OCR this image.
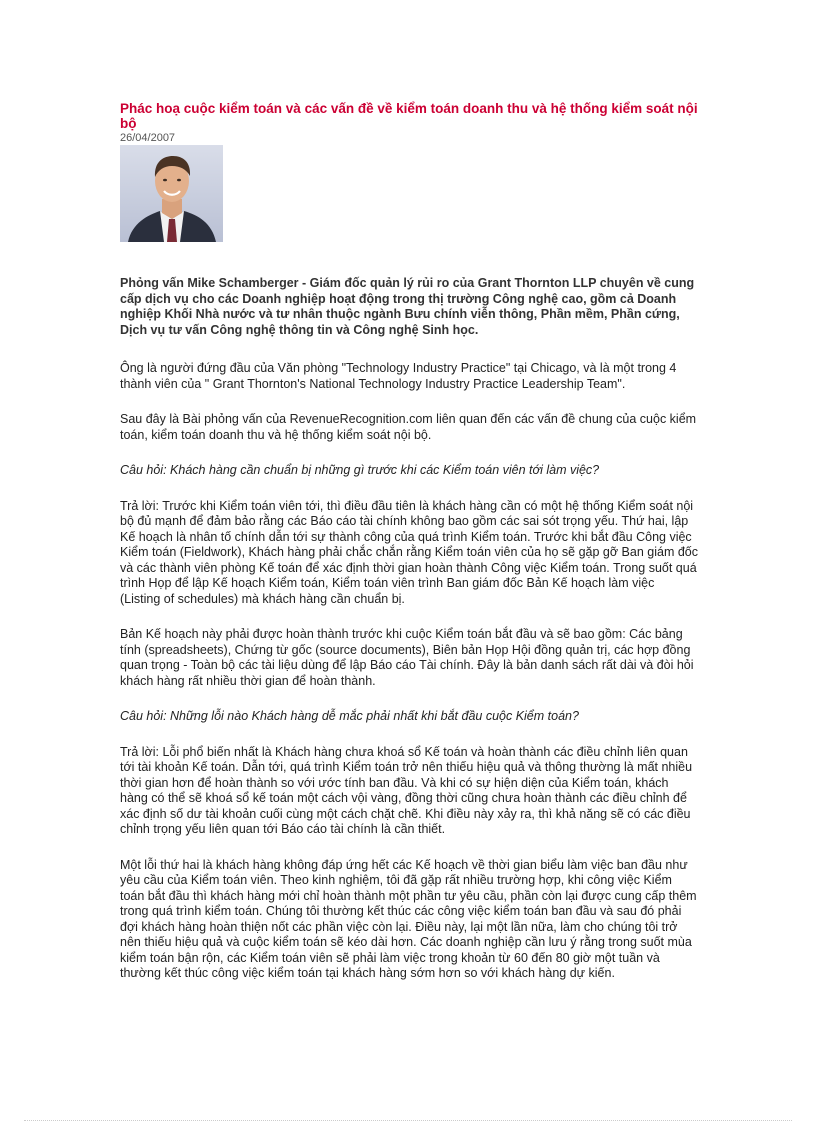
Phác hoạ cuộc kiểm toán và các vấn đề về kiểm toán doanh thu và hệ thống kiểm soát nội bộ
26/04/2007

Phỏng vấn Mike Schamberger - Giám đốc quản lý rủi ro của Grant Thornton LLP chuyên về cung cấp dịch vụ cho các Doanh nghiệp hoạt động trong thị trường Công nghệ cao, gồm cả Doanh nghiệp Khối Nhà nước và tư nhân thuộc ngành Bưu chính viễn thông, Phần mềm, Phần cứng, Dịch vụ tư vấn Công nghệ thông tin và Công nghệ Sinh học.

Ông là người đứng đầu của Văn phòng "Technology Industry Practice" tại Chicago, và là một trong 4 thành viên của " Grant Thornton's National Technology Industry Practice Leadership Team".

Sau đây là Bài phỏng vấn của RevenueRecognition.com liên quan đến các vấn đề chung của cuộc kiểm toán, kiểm toán doanh thu và hệ thống kiểm soát nội bộ.

Câu hỏi: Khách hàng cần chuẩn bị những gì trước khi các Kiểm toán viên tới làm việc?

Trả lời: Trước khi Kiểm toán viên tới, thì điều đầu tiên là khách hàng cần có một hệ thống Kiểm soát nội bộ đủ mạnh để đảm bảo rằng các Báo cáo tài chính không bao gồm các sai sót trọng yếu. Thứ hai, lập Kế hoạch là nhân tố chính dẫn tới sự thành công của quá trình Kiểm toán. Trước khi bắt đầu Công việc Kiểm toán (Fieldwork), Khách hàng phải chắc chắn rằng Kiểm toán viên của họ sẽ gặp gỡ Ban giám đốc và các thành viên phòng Kế toán để xác định thời gian hoàn thành Công việc Kiểm toán. Trong suốt quá trình Họp để lập Kế hoạch Kiểm toán, Kiểm toán viên trình Ban giám đốc Bản Kế hoạch làm việc (Listing of schedules) mà khách hàng cần chuẩn bị.

Bản Kế hoạch này phải được hoàn thành trước khi cuộc Kiểm toán bắt đầu và sẽ bao gồm: Các bảng tính (spreadsheets), Chứng từ gốc (source documents), Biên bản Họp Hội đồng quản trị, các hợp đồng quan trọng - Toàn bộ các tài liệu dùng để lập Báo cáo Tài chính. Đây là bản danh sách rất dài và đòi hỏi khách hàng rất nhiều thời gian để hoàn thành.

Câu hỏi: Những lỗi nào Khách hàng dễ mắc phải nhất khi bắt đầu cuộc Kiểm toán?

Trả lời: Lỗi phổ biến nhất là Khách hàng chưa khoá sổ Kế toán và hoàn thành các điều chỉnh liên quan tới tài khoản Kế toán. Dẫn tới, quá trình Kiểm toán trở nên thiếu hiệu quả và thông thường là mất nhiều thời gian hơn để hoàn thành so với ước tính ban đầu. Và khi có sự hiện diện của Kiểm toán, khách hàng có thể sẽ khoá sổ kế toán một cách vội vàng, đồng thời cũng chưa hoàn thành các điều chỉnh để xác định số dư tài khoản cuối cùng một cách chặt chẽ. Khi điều này xảy ra, thì khả năng sẽ có các điều chỉnh trọng yếu liên quan tới Báo cáo tài chính là cần thiết.

Một lỗi thứ hai là khách hàng không đáp ứng hết các Kế hoạch về thời gian biểu làm việc ban đầu như yêu cầu của Kiểm toán viên. Theo kinh nghiệm, tôi đã gặp rất nhiều trường hợp, khi công việc Kiểm toán bắt đầu thì khách hàng mới chỉ hoàn thành một phần tư yêu cầu, phần còn lại được cung cấp thêm trong quá trình kiểm toán. Chúng tôi thường kết thúc các công việc kiểm toán ban đầu và sau đó phải đợi khách hàng hoàn thiện nốt các phần việc còn lại. Điều này, lại một lần nữa, làm cho chúng tôi trở nên thiếu hiệu quả và cuộc kiểm toán sẽ kéo dài hơn. Các doanh nghiệp cần lưu ý rằng trong suốt mùa kiểm toán bận rộn, các Kiểm toán viên sẽ phải làm việc trong khoản từ 60 đến 80 giờ một tuần và thường kết thúc công việc kiểm toán tại khách hàng sớm hơn so với khách hàng dự kiến.
